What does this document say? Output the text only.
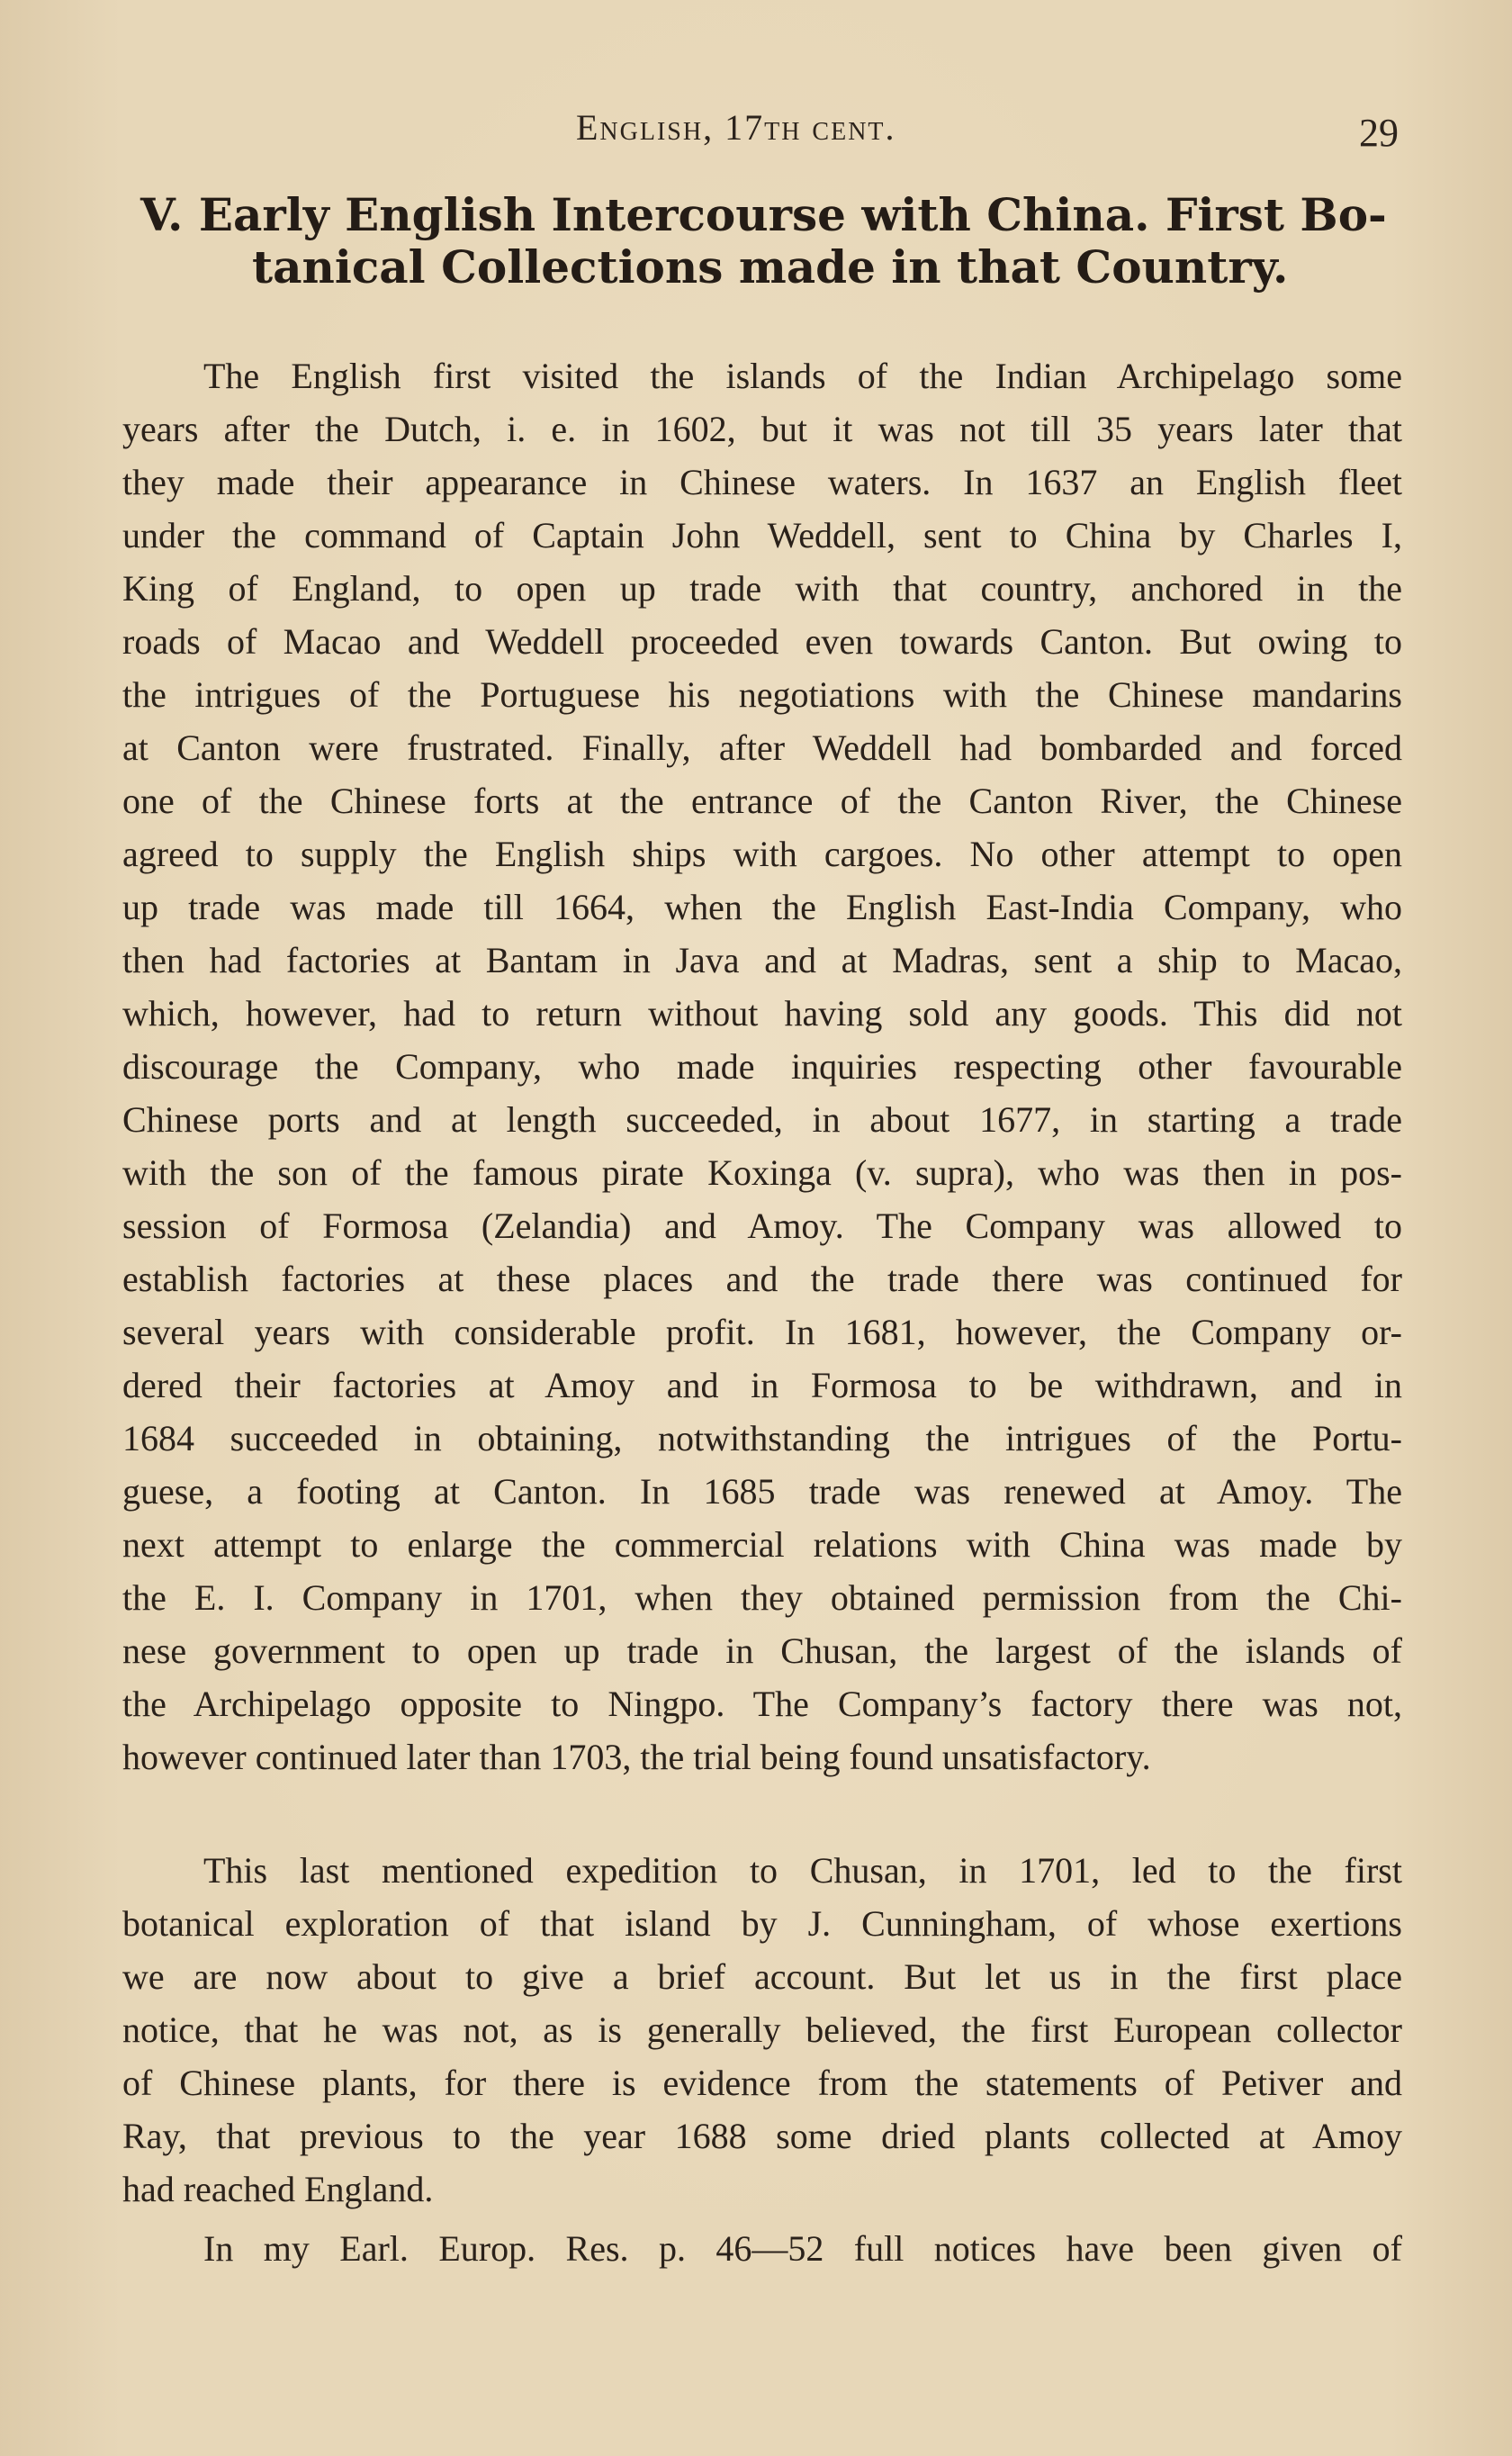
English, 17th cent.	29
V. Early English Intercourse with China. First Bo-
tanical Collections made in that Country.
The English first visited the islands of the Indian Archipelago some
years after the Dutch, i. e. in 1602, but it was not till 35 years later that
they made their appearance in Chinese waters. In 1637 an English fleet
under the command of Captain John Weddell, sent to China by Charles I,
King of England, to open up trade with that country, anchored in the
roads of Macao and Weddell proceeded even towards Canton. But owing to
the intrigues of the Portuguese his negotiations with the Chinese mandarins
at Canton were frustrated. Finally, after Weddell had bombarded and forced
one of the Chinese forts at the entrance of the Canton River, the Chinese
agreed to supply the English ships with cargoes. No other attempt to open
up trade was made till 1664, when the English East-India Company, who
then had factories at Bantam in Java and at Madras, sent a ship to Macao,
which, however, had to return without having sold any goods. This did not
discourage the Company, who made inquiries respecting other favourable
Chinese ports and at length succeeded, in about 1677, in starting a trade
with the son of the famous pirate Koxinga (v. supra), who was then in pos-
session of Formosa (Zelandia) and Amoy. The Company was allowed to
establish factories at these places and the trade there was continued for
several years with considerable profit. In 1681, however, the Company or-
dered their factories at Amoy and in Formosa to be withdrawn, and in
1684 succeeded in obtaining, notwithstanding the intrigues of the Portu-
guese, a footing at Canton. In 1685 trade was renewed at Amoy. The
next attempt to enlarge the commercial relations with China was made by
the E. I. Company in 1701, when they obtained permission from the Chi-
nese government to open up trade in Chusan, the largest of the islands of
the Archipelago opposite to Ningpo. The Company’s factory there was not,
however continued later than 1703, the trial being found unsatisfactory.
This last mentioned expedition to Chusan, in 1701, led to the first
botanical exploration of that island by J. Cunningham, of whose exertions
we are now about to give a brief account. But let us in the first place
notice, that he was not, as is generally believed, the first European collector
of Chinese plants, for there is evidence from the statements of Petiver and
Ray, that previous to the year 1688 some dried plants collected at Amoy
had reached England.
In my Earl. Europ. Res. p. 46—52 full notices have been given of
